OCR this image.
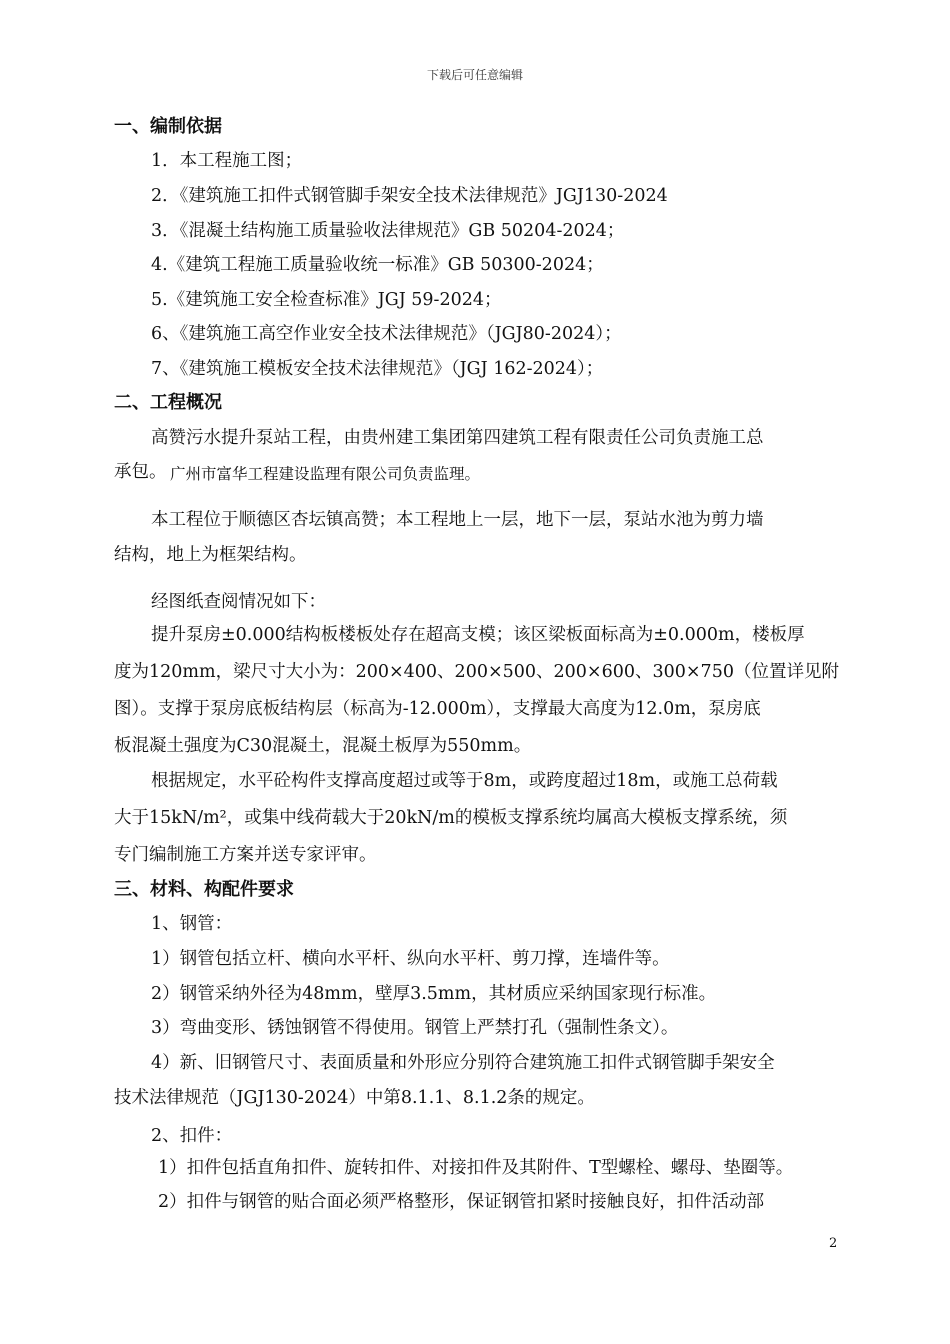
下载后可任意编辑
一、编制依据
1．本工程施工图；
2．《建筑施工扣件式钢管脚手架安全技术法律规范》JGJ130-2024
3．《混凝土结构施工质量验收法律规范》GB 50204-2024；
4.《建筑工程施工质量验收统一标准》GB 50300-2024；
5.《建筑施工安全检查标准》JGJ 59-2024；
6、《建筑施工高空作业安全技术法律规范》（JGJ80-2024）；
7、《建筑施工模板安全技术法律规范》（JGJ 162-2024）；
二、工程概况
高赞污水提升泵站工程，由贵州建工集团第四建筑工程有限责任公司负责施工总
承包。 广州市富华工程建设监理有限公司负责监理。
本工程位于顺德区杏坛镇高赞；本工程地上一层，地下一层，泵站水池为剪力墙
结构，地上为框架结构。
经图纸查阅情况如下：
提升泵房±0.000结构板楼板处存在超高支模；该区梁板面标高为±0.000m，楼板厚
度为120mm，梁尺寸大小为：200×400、200×500、200×600、300×750（位置详见附
图）。支撑于泵房底板结构层（标高为-12.000m），支撑最大高度为12.0m，泵房底
板混凝土强度为C30混凝土，混凝土板厚为550mm。
根据规定，水平砼构件支撑高度超过或等于8m，或跨度超过18m，或施工总荷载
大于15kN/m²，或集中线荷载大于20kN/m的模板支撑系统均属高大模板支撑系统，须
专门编制施工方案并送专家评审。
三、材料、构配件要求
1、钢管：
1）钢管包括立杆、横向水平杆、纵向水平杆、剪刀撑，连墙件等。
2）钢管采纳外径为48mm，壁厚3.5mm，其材质应采纳国家现行标准。
3）弯曲变形、锈蚀钢管不得使用。钢管上严禁打孔（强制性条文）。
4）新、旧钢管尺寸、表面质量和外形应分别符合建筑施工扣件式钢管脚手架安全
技术法律规范（JGJ130-2024）中第8.1.1、8.1.2条的规定。
2、扣件：
1）扣件包括直角扣件、旋转扣件、对接扣件及其附件、T型螺栓、螺母、垫圈等。
2）扣件与钢管的贴合面必须严格整形，保证钢管扣紧时接触良好，扣件活动部
2
